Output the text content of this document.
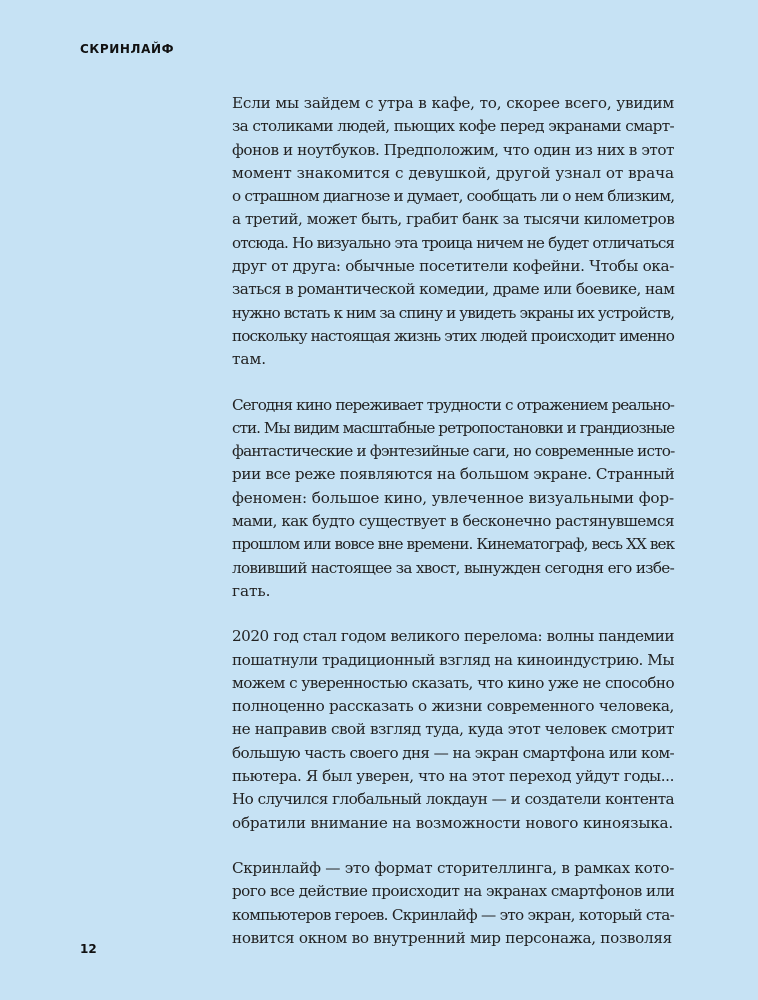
СКРИНЛАЙФ
Если мы зайдем с утра в кафе, то, скорее всего, увидим
за столиками людей, пьющих кофе перед экранами смарт-
фонов и ноутбуков. Предположим, что один из них в этот
момент знакомится с девушкой, другой узнал от врача
о страшном диагнозе и думает, сообщать ли о нем близким,
а третий, может быть, грабит банк за тысячи километров
отсюда. Но визуально эта троица ничем не будет отличаться
друг от друга: обычные посетители кофейни. Чтобы ока-
заться в романтической комедии, драме или боевике, нам
нужно встать к ним за спину и увидеть экраны их устройств,
поскольку настоящая жизнь этих людей происходит именно
там.
Сегодня кино переживает трудности с отражением реально-
сти. Мы видим масштабные ретропостановки и грандиозные
фантастические и фэнтезийные саги, но современные исто-
рии все реже появляются на большом экране. Странный
феномен: большое кино, увлеченное визуальными фор-
мами, как будто существует в бесконечно растянувшемся
прошлом или вовсе вне времени. Кинематограф, весь XX век
ловивший настоящее за хвост, вынужден сегодня его избе-
гать.
2020 год стал годом великого перелома: волны пандемии
пошатнули традиционный взгляд на киноиндустрию. Мы
можем с уверенностью сказать, что кино уже не способно
полноценно рассказать о жизни современного человека,
не направив свой взгляд туда, куда этот человек смотрит
большую часть своего дня — на экран смартфона или ком-
пьютера. Я был уверен, что на этот переход уйдут годы...
Но случился глобальный локдаун — и создатели контента
обратили внимание на возможности нового киноязыка.
Скринлайф — это формат сторителлинга, в рамках кото-
рого все действие происходит на экранах смартфонов или
компьютеров героев. Скринлайф — это экран, который ста-
новится окном во внутренний мир персонажа, позволяя
12
